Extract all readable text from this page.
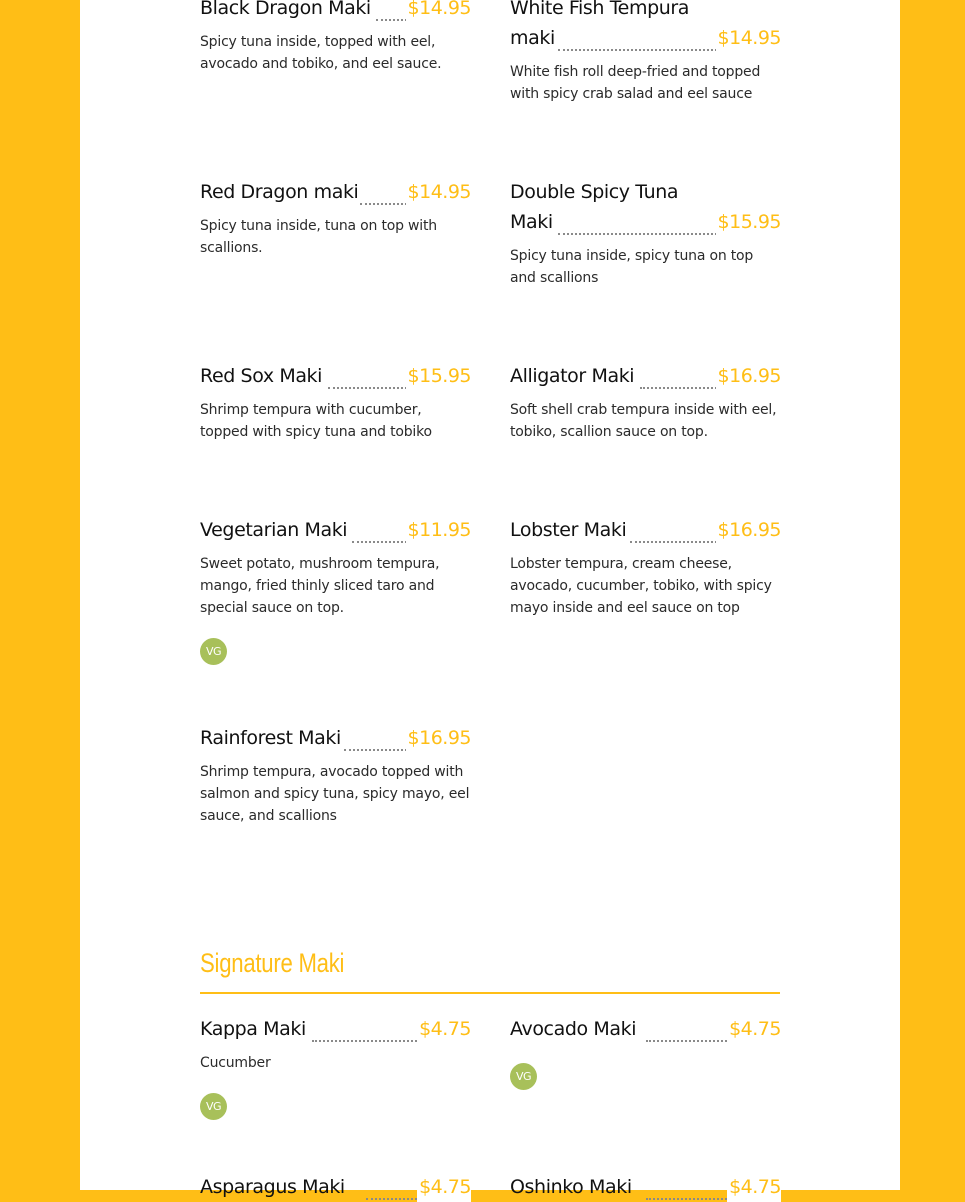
Black Dragon Maki $14.95
Spicy tuna inside, topped with eel, avocado and tobiko, and eel sauce.
White Fish Tempura maki	$14.95
White fish roll deep-fried and topped with spicy crab salad and eel sauce
Red Dragon maki	$14.95
Spicy tuna inside, tuna on top with scallions.
Double Spicy Tuna Maki	$15.95
Spicy tuna inside, spicy tuna on top and scallions
Red Sox Maki	$15.95
Shrimp tempura with cucumber, topped with spicy tuna and tobiko
Alligator Maki	$16.95
Soft shell crab tempura inside with eel, tobiko, scallion sauce on top.
Vegetarian Maki	$11.95
Sweet potato, mushroom tempura, mango, fried thinly sliced taro and special sauce on top.
VG
Lobster Maki	$16.95
Lobster tempura, cream cheese, avocado, cucumber, tobiko, with spicy mayo inside and eel sauce on top
Rainforest Maki	$16.95
Shrimp tempura, avocado topped with salmon and spicy tuna, spicy mayo, eel sauce, and scallions
Signature Maki
Kappa Maki	$4.75
Cucumber
VG
Avocado Maki	$4.75
VG
Asparagus Maki	$4.75 Oshinko Maki	$4.75
